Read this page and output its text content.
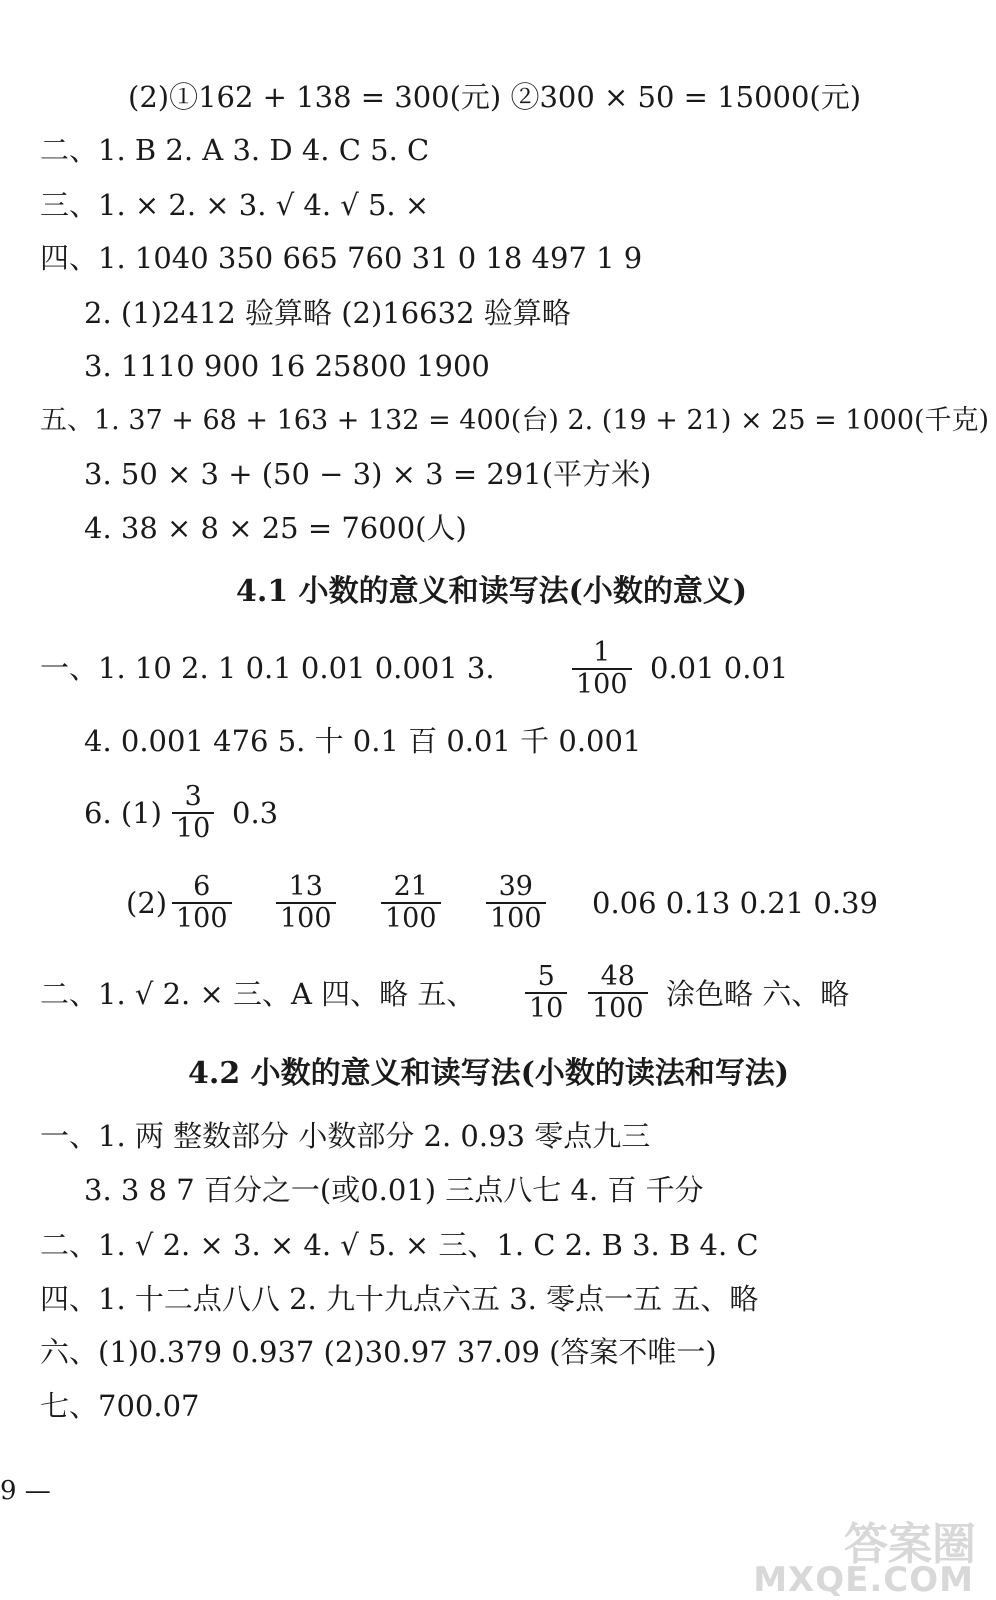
(2)①162 + 138 = 300(元) ②300 × 50 = 15000(元)
二、1. B 2. A 3. D 4. C 5. C
三、1. × 2. × 3. √ 4. √ 5. ×
四、1. 1040 350 665 760 31 0 18 497 1 9
2. (1)2412 验算略 (2)16632 验算略
3. 1110 900 16 25800 1900
五、1. 37 + 68 + 163 + 132 = 400(台) 2. (19 + 21) × 25 = 1000(千克)
3. 50 × 3 + (50 − 3) × 3 = 291(平方米)
4. 38 × 8 × 25 = 7600(人)
4.1 小数的意义和读写法(小数的意义)
一、1. 10 2. 1 0.1 0.01 0.001 3.	$\frac{1}{100} 0.01$ 0.01
4. 0.001 476 5. 十 0.1 百 0.01 千 0.001
6. $(1) \frac{3}{10} 0.3$
$(2) \frac{6}{100} \frac{13}{100} \frac{21}{100} \frac{39}{100} 0.06$ 0.13 0.21 0.39
二、1. √ 2. × 三、A 四、略 五、 $\frac{5}{10} \frac{48}{100}$ 涂色略 六、略
4.2 小数的意义和读写法(小数的读法和写法)
一、1. 两 整数部分 小数部分 2. 0.93 零点九三
3. 3 8 7 百分之一(或0.01) 三点八七 4. 百 千分
二、1. √ 2. × 3. × 4. √ 5. × 三、1. C 2. B 3. B 4. C
四、1. 十二点八八 2. 九十九点六五 3. 零点一五 五、略
六、(1)0.379 0.937 (2)30.97 37.09 (答案不唯一)
七、700.07
9 —
答案圈
MXQE.COM
